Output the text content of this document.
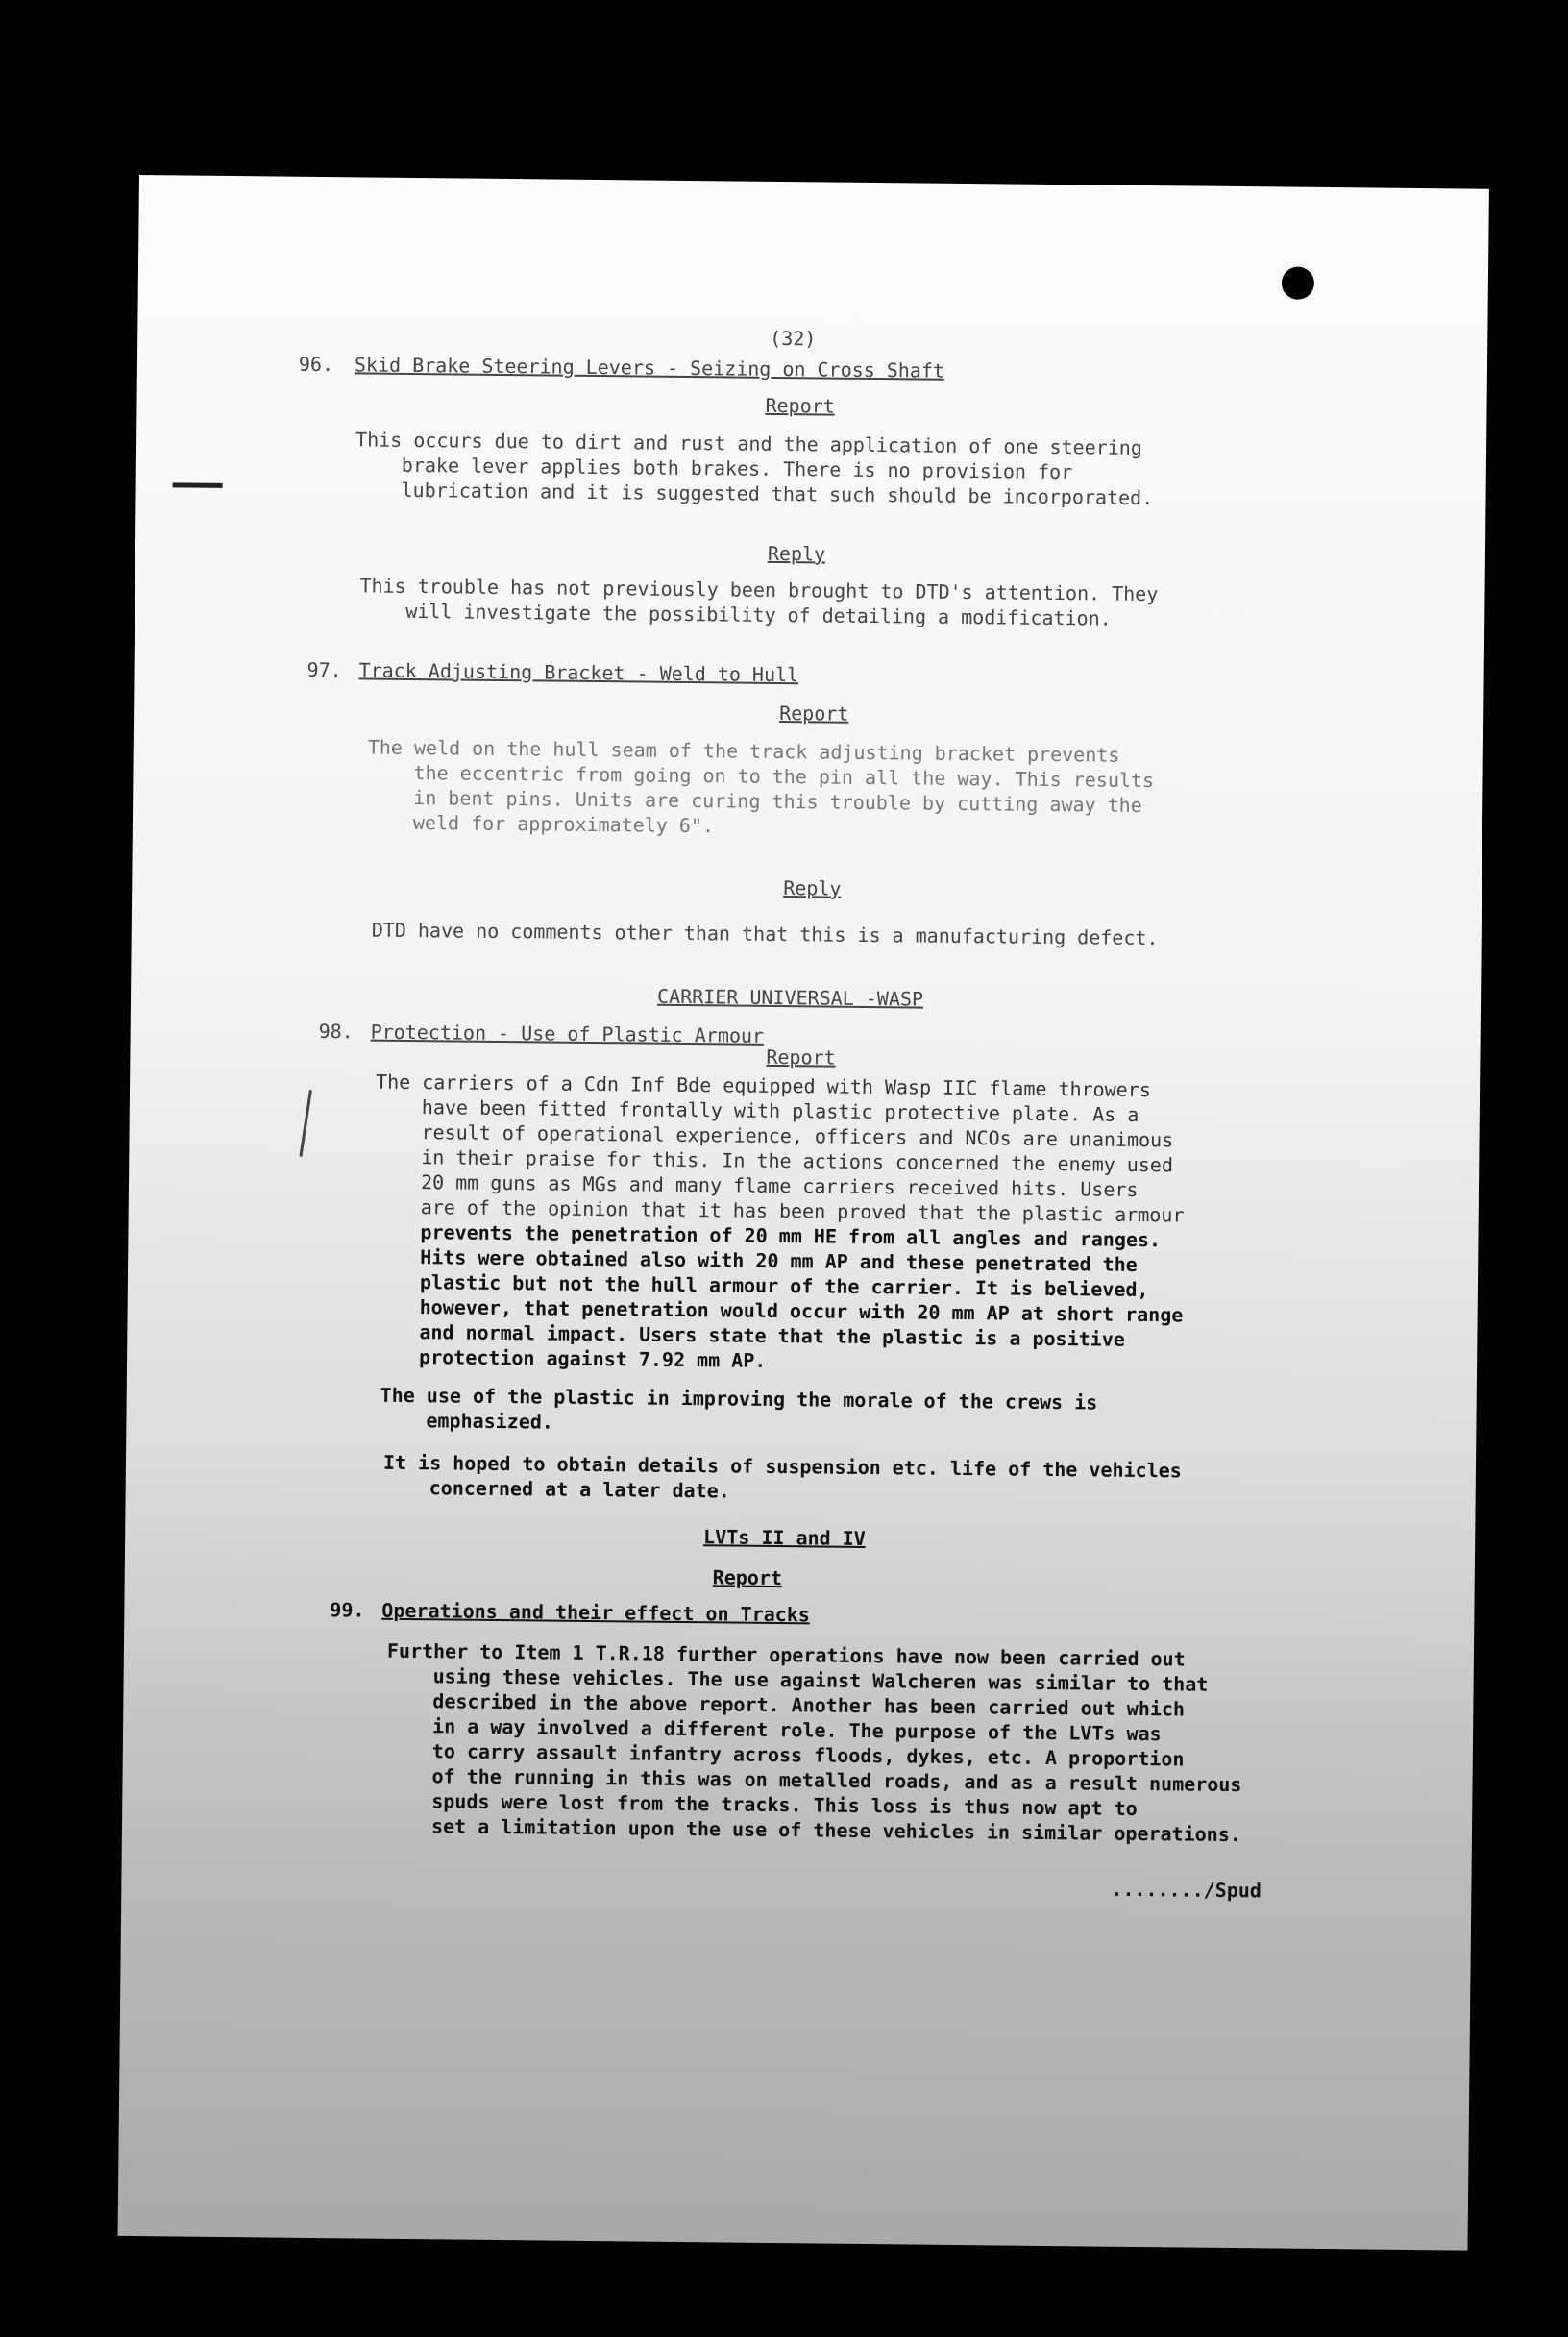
(32)
96. Skid Brake Steering Levers - Seizing on Cross Shaft
Report
This occurs due to dirt and rust and the application of one steering
brake lever applies both brakes. There is no provision for
lubrication and it is suggested that such should be incorporated.
Reply
This trouble has not previously been brought to DTD's attention. They
will investigate the possibility of detailing a modification.
97. Track Adjusting Bracket - Weld to Hull
Report
The weld on the hull seam of the track adjusting bracket prevents
the eccentric from going on to the pin all the way. This results
in bent pins. Units are curing this trouble by cutting away the
weld for approximately 6".
Reply
DTD have no comments other than that this is a manufacturing defect.
CARRIER UNIVERSAL -WASP
98. Protection - Use of Plastic Armour
Report
The carriers of a Cdn Inf Bde equipped with Wasp IIC flame throwers
have been fitted frontally with plastic protective plate. As a
result of operational experience, officers and NCOs are unanimous
in their praise for this. In the actions concerned the enemy used
20 mm guns as MGs and many flame carriers received hits. Users
are of the opinion that it has been proved that the plastic armour
prevents the penetration of 20 mm HE from all angles and ranges.
Hits were obtained also with 20 mm AP and these penetrated the
plastic but not the hull armour of the carrier. It is believed,
however, that penetration would occur with 20 mm AP at short range
and normal impact. Users state that the plastic is a positive
protection against 7.92 mm AP.
The use of the plastic in improving the morale of the crews is
emphasized.
It is hoped to obtain details of suspension etc. life of the vehicles
concerned at a later date.
LVTs II and IV
Report
99. Operations and their effect on Tracks
Further to Item 1 T.R.18 further operations have now been carried out
using these vehicles. The use against Walcheren was similar to that
described in the above report. Another has been carried out which
in a way involved a different role. The purpose of the LVTs was
to carry assault infantry across floods, dykes, etc. A proportion
of the running in this was on metalled roads, and as a result numerous
spuds were lost from the tracks. This loss is thus now apt to
set a limitation upon the use of these vehicles in similar operations.
......../Spud
